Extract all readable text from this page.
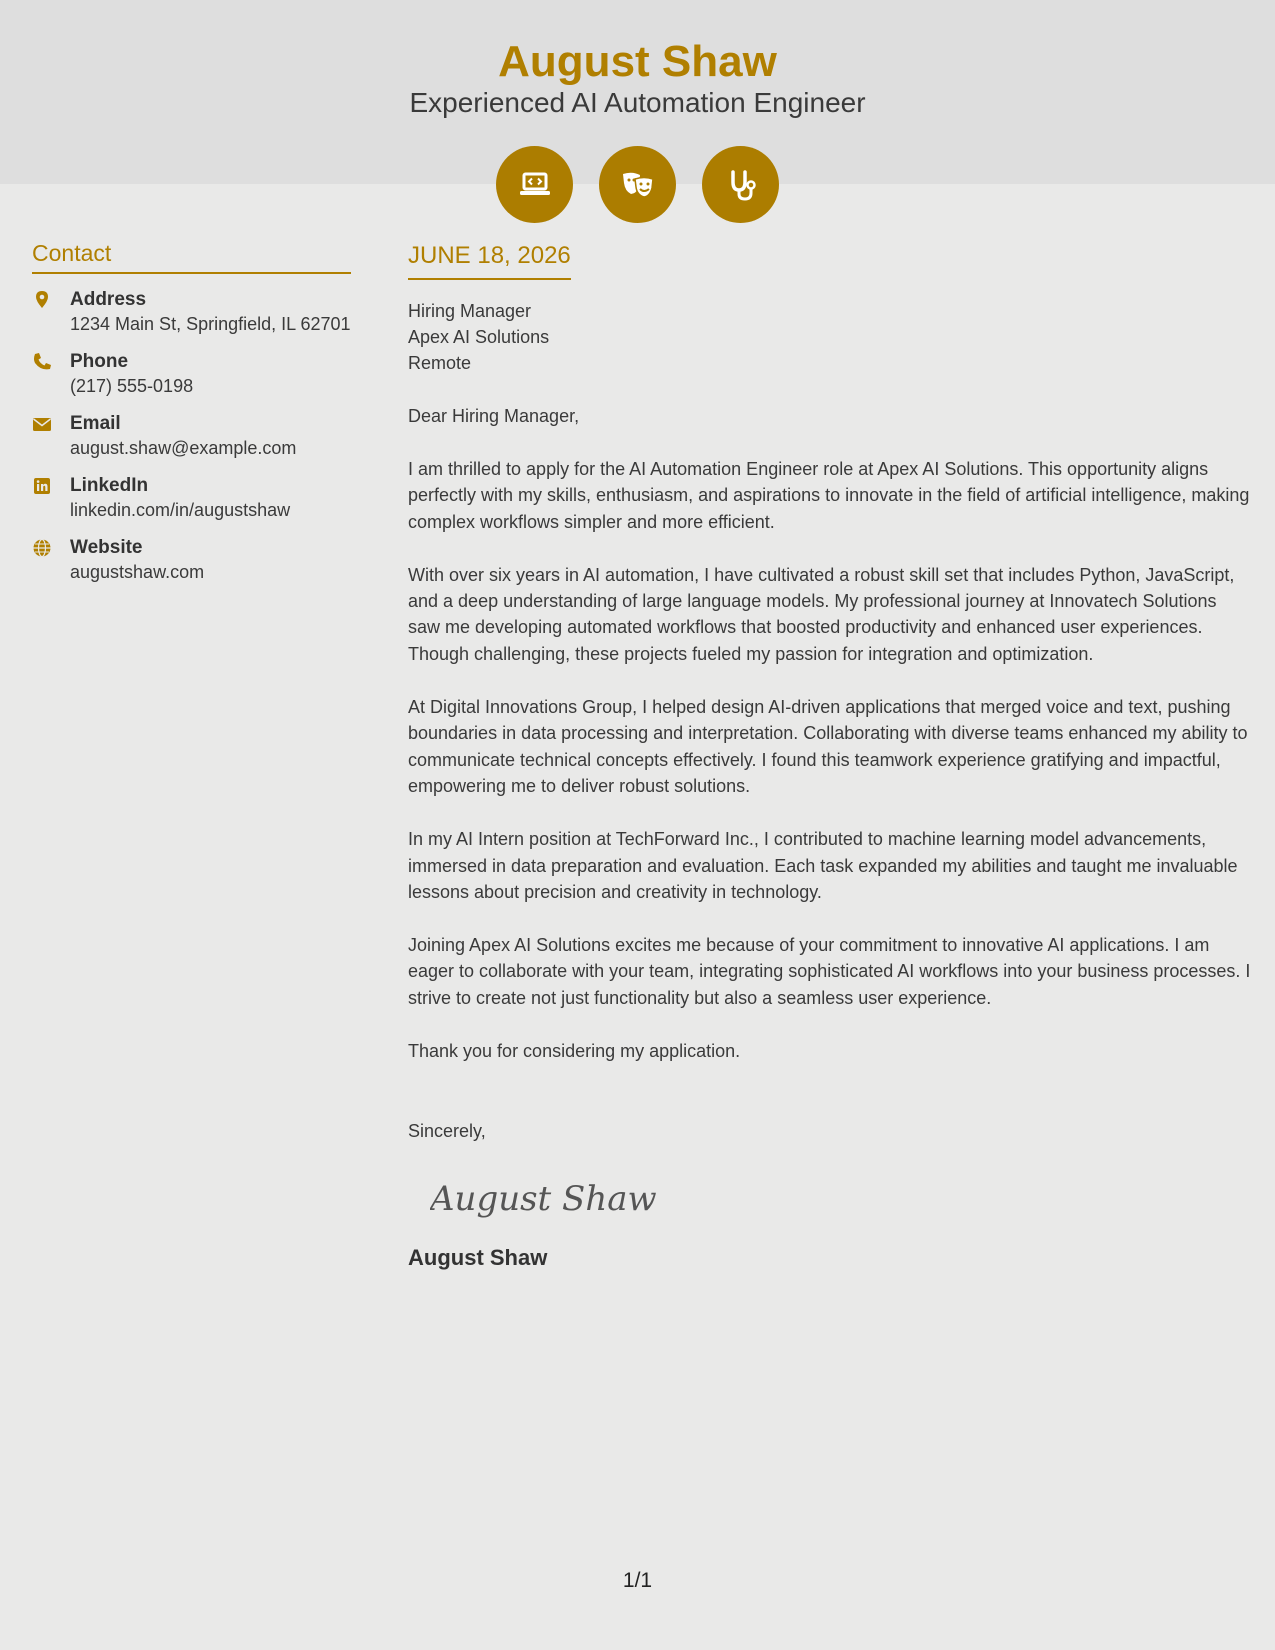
August Shaw
Experienced AI Automation Engineer
Contact
Address
1234 Main St, Springfield, IL 62701
Phone
(217) 555-0198
Email
august.shaw@example.com
LinkedIn
linkedin.com/in/augustshaw
Website
augustshaw.com
JUNE 18, 2026
Hiring Manager
Apex AI Solutions
Remote
Dear Hiring Manager,

I am thrilled to apply for the AI Automation Engineer role at Apex AI Solutions. This opportunity aligns perfectly with my skills, enthusiasm, and aspirations to innovate in the field of artificial intelligence, making complex workflows simpler and more efficient.

With over six years in AI automation, I have cultivated a robust skill set that includes Python, JavaScript, and a deep understanding of large language models. My professional journey at Innovatech Solutions saw me developing automated workflows that boosted productivity and enhanced user experiences. Though challenging, these projects fueled my passion for integration and optimization.

At Digital Innovations Group, I helped design AI-driven applications that merged voice and text, pushing boundaries in data processing and interpretation. Collaborating with diverse teams enhanced my ability to communicate technical concepts effectively. I found this teamwork experience gratifying and impactful, empowering me to deliver robust solutions.

In my AI Intern position at TechForward Inc., I contributed to machine learning model advancements, immersed in data preparation and evaluation. Each task expanded my abilities and taught me invaluable lessons about precision and creativity in technology.

Joining Apex AI Solutions excites me because of your commitment to innovative AI applications. I am eager to collaborate with your team, integrating sophisticated AI workflows into your business processes. I strive to create not just functionality but also a seamless user experience.

Thank you for considering my application.

Sincerely,
August Shaw
August Shaw
1/1
